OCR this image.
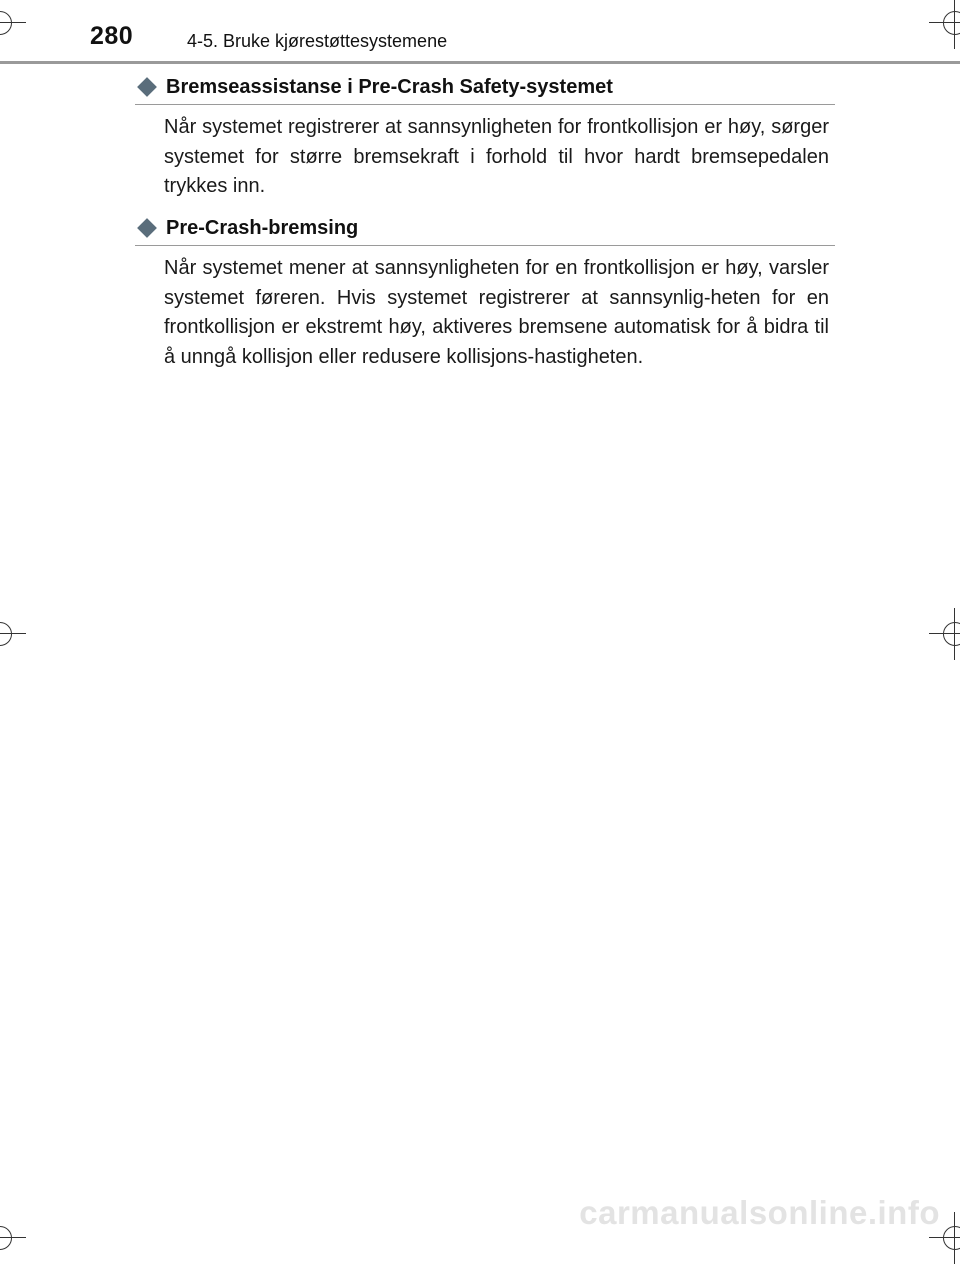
280	4-5. Bruke kjørestøttesystemene
Bremseassistanse i Pre-Crash Safety-systemet
Når systemet registrerer at sannsynligheten for frontkollisjon er høy, sørger systemet for større bremsekraft i forhold til hvor hardt bremsepedalen trykkes inn.
Pre-Crash-bremsing
Når systemet mener at sannsynligheten for en frontkollisjon er høy, varsler systemet føreren. Hvis systemet registrerer at sannsynlig-heten for en frontkollisjon er ekstremt høy, aktiveres bremsene automatisk for å bidra til å unngå kollisjon eller redusere kollisjons-hastigheten.
carmanualsonline.info
